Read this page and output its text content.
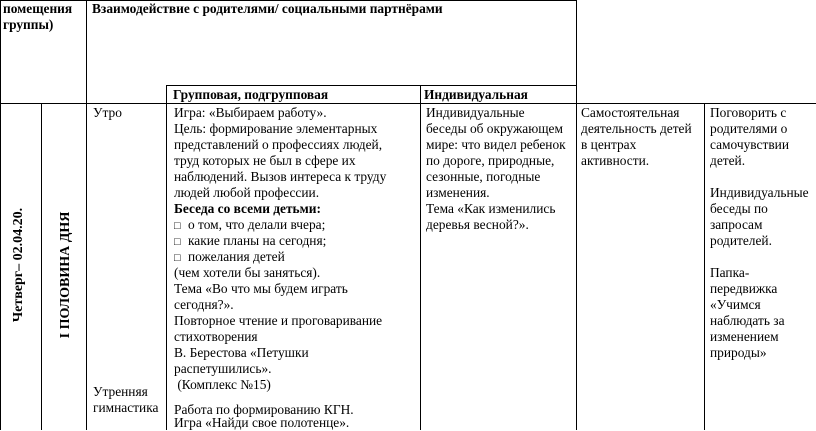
помещения
группы)
Взаимодействие с родителями/ социальными партнёрами
Групповая, подгрупповая	Индивидуальная
Четверг– 02.04.20. I ПОЛОВИНА ДНЯ
Утро
Утренняя
гимнастика
Игра: «Выбираем работу».
Цель: формирование элементарных
представлений о профессиях людей,
труд которых не был в сфере их
наблюдений. Вызов интереса к труду
людей любой профессии.
Беседа со всеми детьми:
□ о том, что делали вчера;
□ какие планы на сегодня;
□ пожелания детей
(чем хотели бы заняться).
Тема «Во что мы будем играть
сегодня?».
Повторное чтение и проговаривание
стихотворения
В. Берестова «Петушки
распетушились».
(Комплекс №15)
Работа по формированию КГН.
Игра «Найди свое полотенце».
Индивидуальные
беседы об окружающем
мире: что видел ребенок
по дороге, природные,
сезонные, погодные
изменения.
Тема «Как изменились
деревья весной?».
Самостоятельная
деятельность детей
в центрах
активности.
Поговорить с
родителями о
самочувствии
детей.
Индивидуальные
беседы по
запросам
родителей.
Папка-
передвижка
«Учимся
наблюдать за
изменением
природы»
